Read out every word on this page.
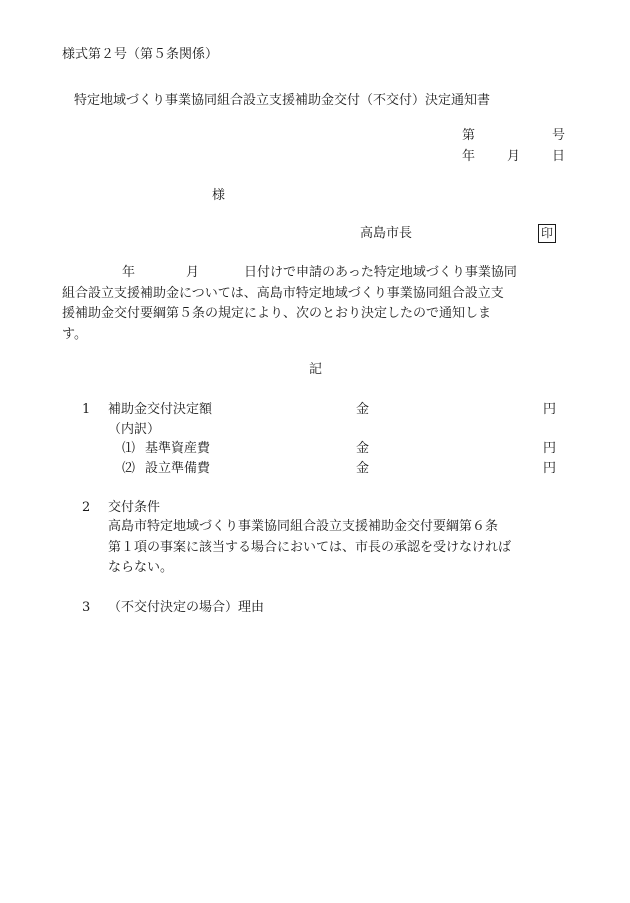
様式第２号（第５条関係）
特定地域づくり事業協同組合設立支援補助金交付（不交付）決定通知書
第	号
年 月 日
様
高島市長	印
年	月	日付けで申請のあった特定地域づくり事業協同
組合設立支援補助金については、高島市特定地域づくり事業協同組合設立支
援補助金交付要綱第５条の規定により、次のとおり決定したので通知しま
す。
記
1 補助金交付決定額	金	円
（内訳）
⑴ 基準資産費	金	円
⑵ 設立準備費	金	円
2 交付条件
高島市特定地域づくり事業協同組合設立支援補助金交付要綱第６条
第１項の事案に該当する場合においては、市長の承認を受けなければ
ならない。
3 （不交付決定の場合）理由
